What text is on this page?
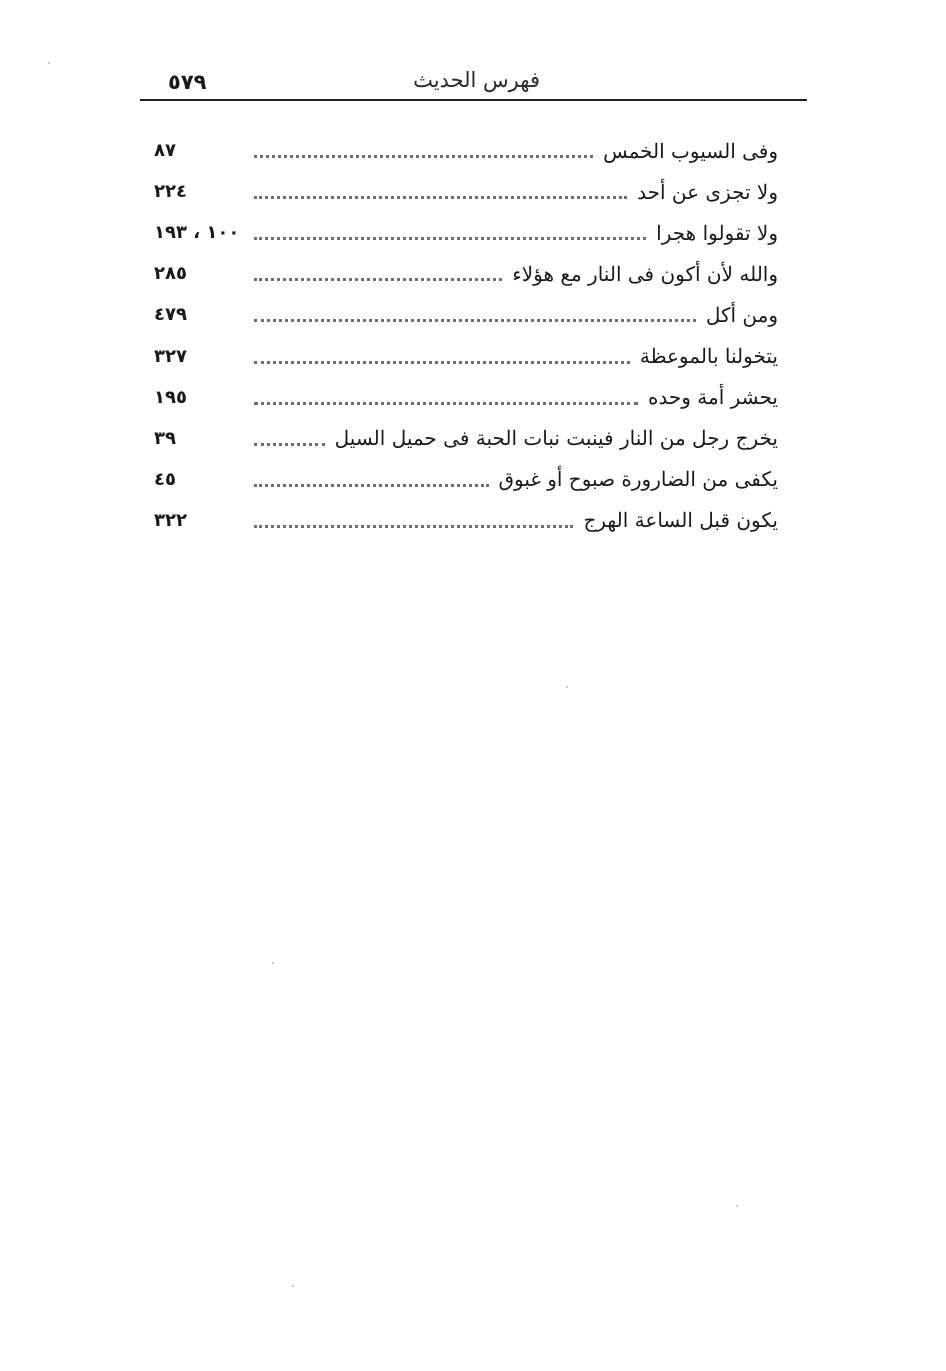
فهرس الحديث
٥٧٩
٨٧	وفى السيوب الخمس
٢٢٤	ولا تجزى عن أحد
١٠٠ ، ١٩٣	ولا تقولوا هجرا
٢٨٥	والله لأن أكون فى النار مع هؤلاء
٤٧٩	ومن أكل
٣٢٧	يتخولنا بالموعظة
١٩٥	يحشر أمة وحده
٣٩	يخرج رجل من النار فينبت نبات الحبة فى حميل السيل
٤٥	يكفى من الضارورة صبوح أو غبوق
٣٢٢	يكون قبل الساعة الهرج
